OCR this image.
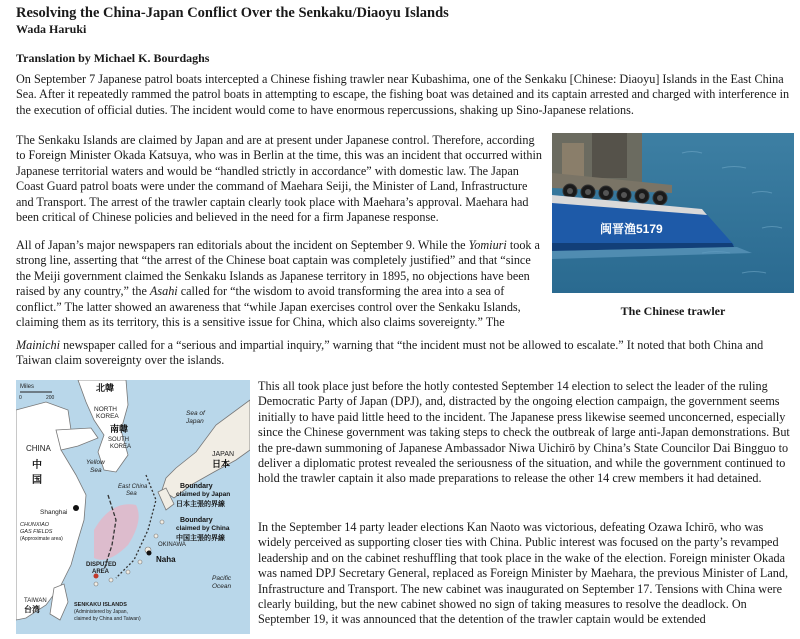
Resolving the China-Japan Conflict Over the Senkaku/Diaoyu Islands
Wada Haruki
Translation by Michael K. Bourdaghs

On September 7 Japanese patrol boats intercepted a Chinese fishing trawler near Kubashima, one of the Senkaku [Chinese: Diaoyu] Islands in the East China Sea. After it repeatedly rammed the patrol boats in attempting to escape, the fishing boat was detained and its captain arrested and charged with interference in the execution of official duties. The incident would come to have enormous repercussions, shaking up Sino-Japanese relations.

The Senkaku Islands are claimed by Japan and are at present under Japanese control. Therefore, according to Foreign Minister Okada Katsuya, who was in Berlin at the time, this was an incident that occurred within Japanese territorial waters and would be “handled strictly in accordance” with domestic law. The Japan Coast Guard patrol boats were under the command of Maehara Seiji, the Minister of Land, Infrastructure and Transport. The arrest of the trawler captain clearly took place with Maehara’s approval. Maehara had been critical of Chinese policies and believed in the need for a firm Japanese response.

All of Japan’s major newspapers ran editorials about the incident on September 9. While the Yomiuri took a strong line, asserting that “the arrest of the Chinese boat captain was completely justified” and that “since the Meiji government claimed the Senkaku Islands as Japanese territory in 1895, no objections have been raised by any country,” the Asahi called for “the wisdom to avoid transforming the area into a sea of conflict.” The latter showed an awareness that “while Japan exercises control over the Senkaku Islands, claiming them as its territory, this is a sensitive issue for China, which also claims sovereignty.” The

Mainichi newspaper called for a “serious and impartial inquiry,” warning that “the incident must not be allowed to escalate.” It noted that both China and Taiwan claim sovereignty over the islands.

闽晋渔5179
The Chinese trawler
Miles
0	200
北韓
NORTH
KOREA
南韓
SOUTH
KOREA
Sea of
Japan
CHINA
中
国
Yellow
Sea
JAPAN
日本
Shanghai
East China
Sea
Boundary
claimed by Japan
日本主張的界線
Boundary
claimed by China
中国主張的界線
CHUNXIAO
GAS FIELDS
(Approximate area)
DISPUTED
AREA
OKINAWA
Naha
Pacific
Ocean
TAIWAN
台湾	SENKAKU ISLANDS
(Administered by Japan,
claimed by China and Taiwan)

This all took place just before the hotly contested September 14 election to select the leader of the ruling Democratic Party of Japan (DPJ), and, distracted by the ongoing election campaign, the government seems initially to have paid little heed to the incident. The Japanese press likewise seemed unconcerned, especially since the Chinese government was taking steps to check the outbreak of large anti-Japan demonstrations. But the pre-dawn summoning of Japanese Ambassador Niwa Uichirō by China’s State Councilor Dai Bingguo to deliver a diplomatic protest revealed the seriousness of the situation, and while the government continued to hold the trawler captain it also made preparations to release the other 14 crew members it had detained.

In the September 14 party leader elections Kan Naoto was victorious, defeating Ozawa Ichirō, who was widely perceived as supporting closer ties with China. Public interest was focused on the party’s revamped leadership and on the cabinet reshuffling that took place in the wake of the election. Foreign minister Okada was named DPJ Secretary General, replaced as Foreign Minister by Maehara, the previous Minister of Land, Infrastructure and Transport. The new cabinet was inaugurated on September 17. Tensions with China were clearly building, but the new cabinet showed no sign of taking measures to resolve the deadlock. On September 19, it was announced that the detention of the trawler captain would be extended
